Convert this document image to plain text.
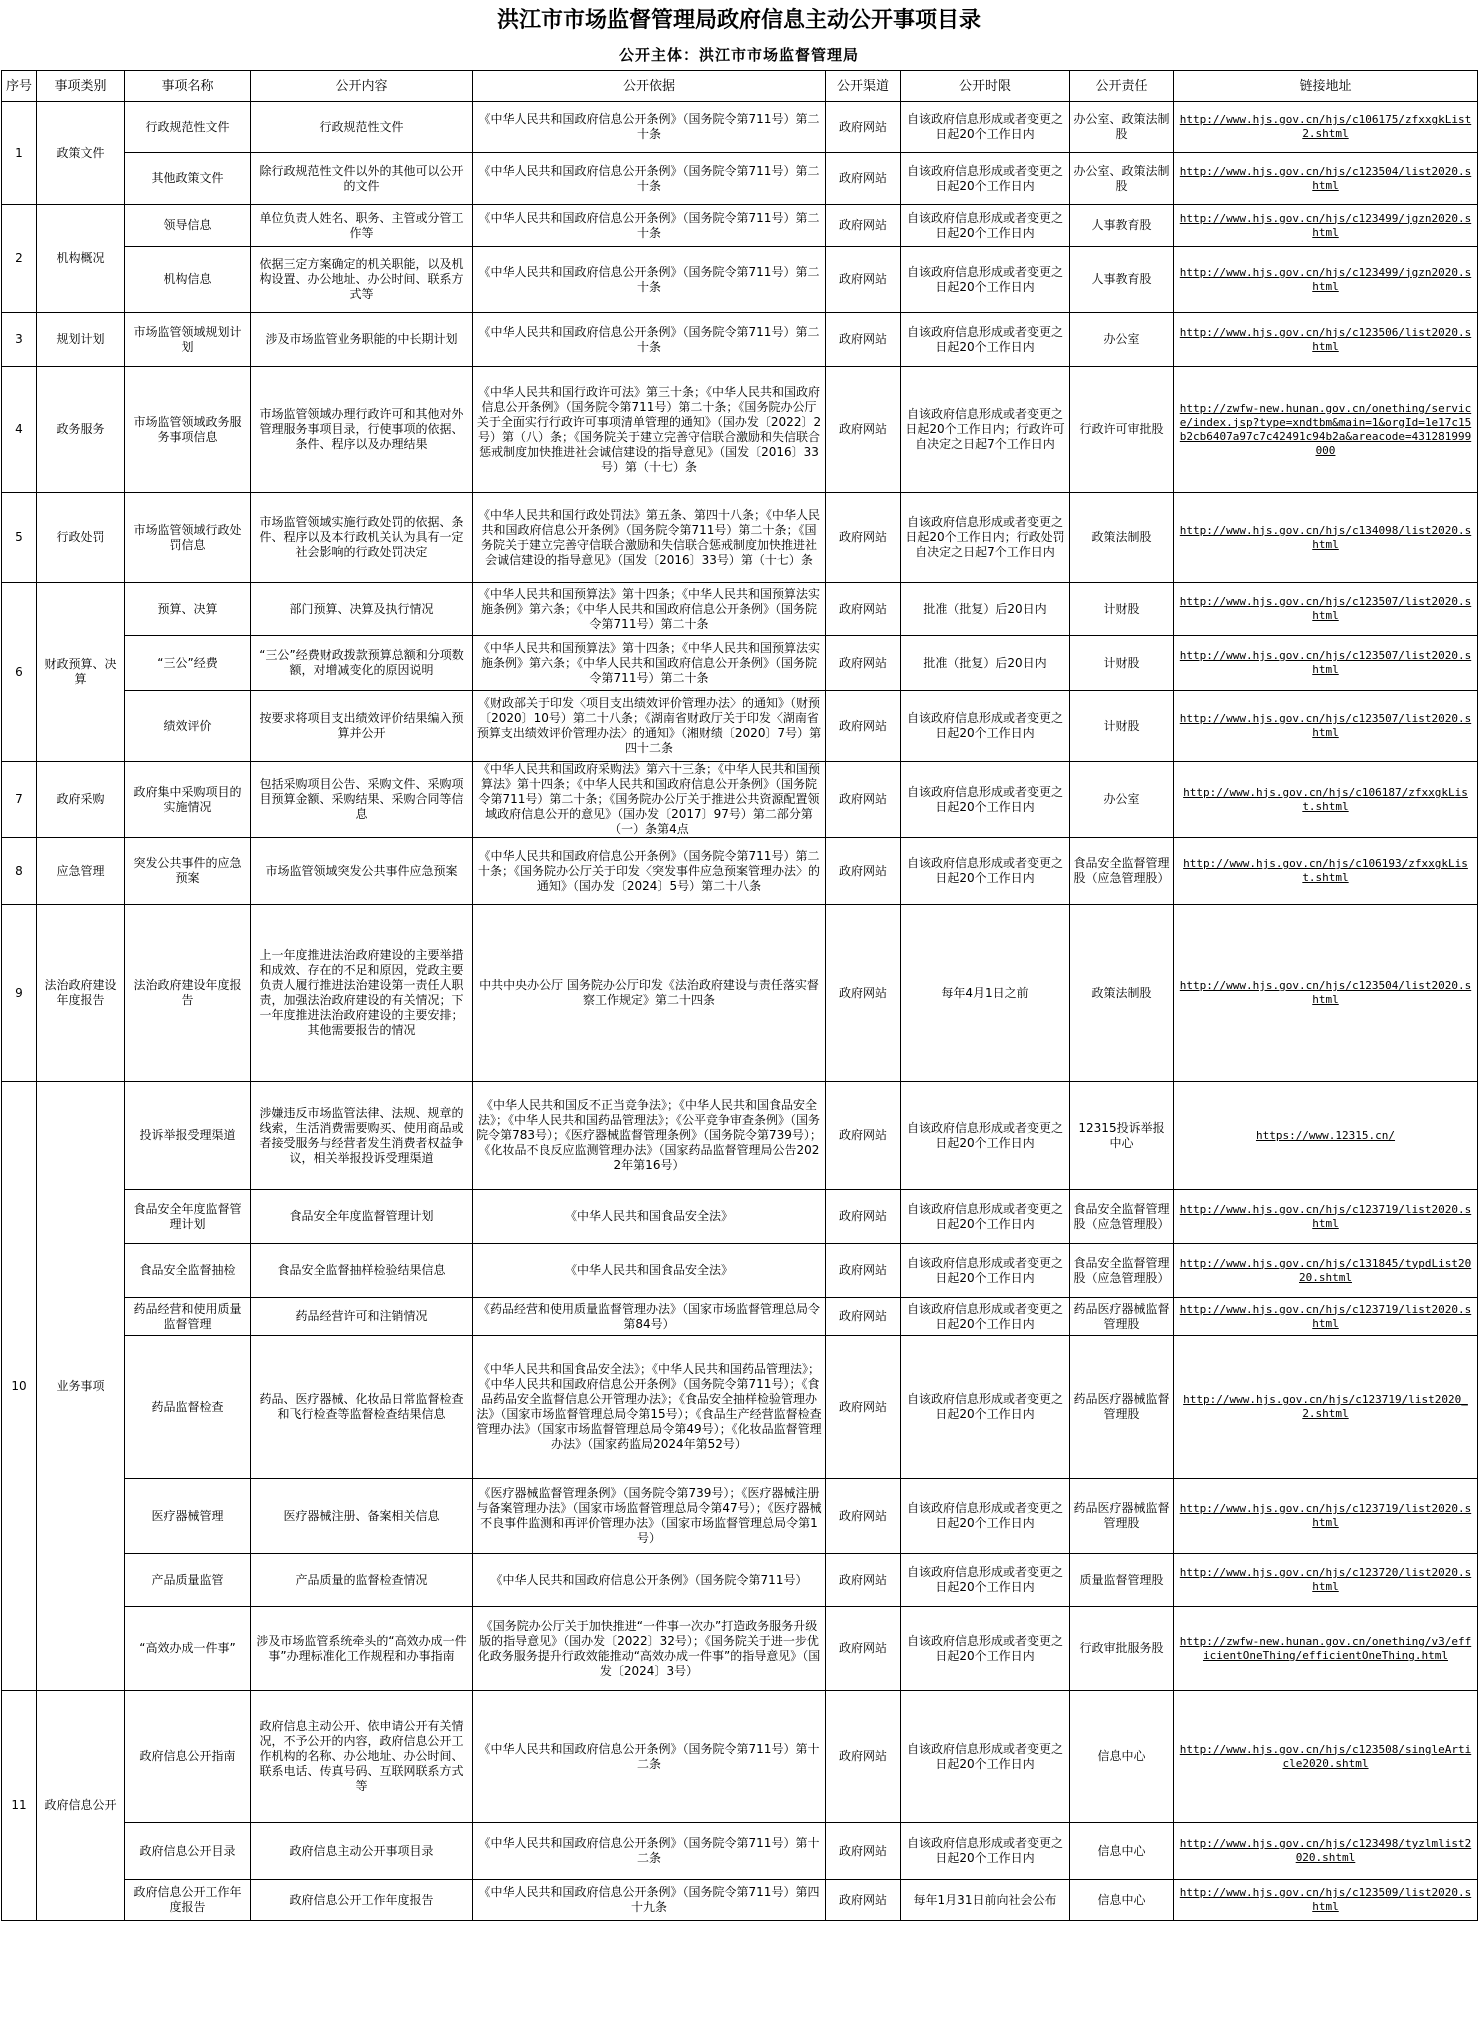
洪江市市场监督管理局政府信息主动公开事项目录
公开主体：洪江市市场监督管理局
序号	事项类别	事项名称	公开内容	公开依据	公开渠道	公开时限	公开责任	链接地址
1	政策文件	行政规范性文件	行政规范性文件	《中华人民共和国政府信息公开条例》（国务院令第711号）第二十条	政府网站	自该政府信息形成或者变更之日起20个工作日内	办公室、政策法制股	http://www.hjs.gov.cn/hjs/c106175/zfxxgkList2.shtml
		其他政策文件	除行政规范性文件以外的其他可以公开的文件	《中华人民共和国政府信息公开条例》（国务院令第711号）第二十条	政府网站	自该政府信息形成或者变更之日起20个工作日内	办公室、政策法制股	http://www.hjs.gov.cn/hjs/c123504/list2020.shtml
2	机构概况	领导信息	单位负责人姓名、职务、主管或分管工作等	《中华人民共和国政府信息公开条例》（国务院令第711号）第二十条	政府网站	自该政府信息形成或者变更之日起20个工作日内	人事教育股	http://www.hjs.gov.cn/hjs/c123499/jgzn2020.shtml
		机构信息	依据三定方案确定的机关职能，以及机构设置、办公地址、办公时间、联系方式等	《中华人民共和国政府信息公开条例》（国务院令第711号）第二十条	政府网站	自该政府信息形成或者变更之日起20个工作日内	人事教育股	http://www.hjs.gov.cn/hjs/c123499/jgzn2020.shtml
3	规划计划	市场监管领域规划计划	涉及市场监管业务职能的中长期计划	《中华人民共和国政府信息公开条例》（国务院令第711号）第二十条	政府网站	自该政府信息形成或者变更之日起20个工作日内	办公室	http://www.hjs.gov.cn/hjs/c123506/list2020.shtml
4	政务服务	市场监管领域政务服务事项信息	市场监管领域办理行政许可和其他对外管理服务事项目录，行使事项的依据、条件、程序以及办理结果	《中华人民共和国行政许可法》第三十条；《中华人民共和国政府信息公开条例》（国务院令第711号）第二十条；《国务院办公厅关于全面实行行政许可事项清单管理的通知》（国办发〔2022〕2号）第（八）条；《国务院关于建立完善守信联合激励和失信联合惩戒制度加快推进社会诚信建设的指导意见》（国发〔2016〕33号）第（十七）条	政府网站	自该政府信息形成或者变更之日起20个工作日内；行政许可自决定之日起7个工作日内	行政许可审批股	http://zwfw-new.hunan.gov.cn/onething/service/index.jsp?type=xndtbm&main=1&orgId=1e17c15b2cb6407a97c7c42491c94b2a&areacode=431281999000
5	行政处罚	市场监管领域行政处罚信息	市场监管领域实施行政处罚的依据、条件、程序以及本行政机关认为具有一定社会影响的行政处罚决定	《中华人民共和国行政处罚法》第五条、第四十八条；《中华人民共和国政府信息公开条例》（国务院令第711号）第二十条；《国务院关于建立完善守信联合激励和失信联合惩戒制度加快推进社会诚信建设的指导意见》（国发〔2016〕33号）第（十七）条	政府网站	自该政府信息形成或者变更之日起20个工作日内；行政处罚自决定之日起7个工作日内	政策法制股	http://www.hjs.gov.cn/hjs/c134098/list2020.shtml
6	财政预算、决算	预算、决算	部门预算、决算及执行情况	《中华人民共和国预算法》第十四条；《中华人民共和国预算法实施条例》第六条；《中华人民共和国政府信息公开条例》（国务院令第711号）第二十条	政府网站	批准（批复）后20日内	计财股	http://www.hjs.gov.cn/hjs/c123507/list2020.shtml
		“三公”经费	“三公”经费财政拨款预算总额和分项数额，对增减变化的原因说明	《中华人民共和国预算法》第十四条；《中华人民共和国预算法实施条例》第六条；《中华人民共和国政府信息公开条例》（国务院令第711号）第二十条	政府网站	批准（批复）后20日内	计财股	http://www.hjs.gov.cn/hjs/c123507/list2020.shtml
		绩效评价	按要求将项目支出绩效评价结果编入预算并公开	《财政部关于印发〈项目支出绩效评价管理办法〉的通知》（财预〔2020〕10号）第二十八条；《湖南省财政厅关于印发〈湖南省预算支出绩效评价管理办法〉的通知》（湘财绩〔2020〕7号）第四十二条	政府网站	自该政府信息形成或者变更之日起20个工作日内	计财股	http://www.hjs.gov.cn/hjs/c123507/list2020.shtml
7	政府采购	政府集中采购项目的实施情况	包括采购项目公告、采购文件、采购项目预算金额、采购结果、采购合同等信息	《中华人民共和国政府采购法》第六十三条；《中华人民共和国预算法》第十四条；《中华人民共和国政府信息公开条例》（国务院令第711号）第二十条；《国务院办公厅关于推进公共资源配置领域政府信息公开的意见》（国办发〔2017〕97号）第二部分第（一）条第4点	政府网站	自该政府信息形成或者变更之日起20个工作日内	办公室	http://www.hjs.gov.cn/hjs/c106187/zfxxgkList.shtml
8	应急管理	突发公共事件的应急预案	市场监管领域突发公共事件应急预案	《中华人民共和国政府信息公开条例》（国务院令第711号）第二十条；《国务院办公厅关于印发〈突发事件应急预案管理办法〉的通知》（国办发〔2024〕5号）第二十八条	政府网站	自该政府信息形成或者变更之日起20个工作日内	食品安全监督管理股（应急管理股）	http://www.hjs.gov.cn/hjs/c106193/zfxxgkList.shtml
9	法治政府建设年度报告	法治政府建设年度报告	上一年度推进法治政府建设的主要举措和成效、存在的不足和原因，党政主要负责人履行推进法治建设第一责任人职责，加强法治政府建设的有关情况；下一年度推进法治政府建设的主要安排；其他需要报告的情况	中共中央办公厅 国务院办公厅印发《法治政府建设与责任落实督察工作规定》第二十四条	政府网站	每年4月1日之前	政策法制股	http://www.hjs.gov.cn/hjs/c123504/list2020.shtml
10	业务事项	投诉举报受理渠道	涉嫌违反市场监管法律、法规、规章的线索，生活消费需要购买、使用商品或者接受服务与经营者发生消费者权益争议，相关举报投诉受理渠道	《中华人民共和国反不正当竞争法》；《中华人民共和国食品安全法》；《中华人民共和国药品管理法》；《公平竞争审查条例》（国务院令第783号）；《医疗器械监督管理条例》（国务院令第739号）；《化妆品不良反应监测管理办法》（国家药品监督管理局公告2022年第16号）	政府网站	自该政府信息形成或者变更之日起20个工作日内	12315投诉举报中心	https://www.12315.cn/
		食品安全年度监督管理计划	食品安全年度监督管理计划	《中华人民共和国食品安全法》	政府网站	自该政府信息形成或者变更之日起20个工作日内	食品安全监督管理股（应急管理股）	http://www.hjs.gov.cn/hjs/c123719/list2020.shtml
		食品安全监督抽检	食品安全监督抽样检验结果信息	《中华人民共和国食品安全法》	政府网站	自该政府信息形成或者变更之日起20个工作日内	食品安全监督管理股（应急管理股）	http://www.hjs.gov.cn/hjs/c131845/typdList2020.shtml
		药品经营和使用质量监督管理	药品经营许可和注销情况	《药品经营和使用质量监督管理办法》（国家市场监督管理总局令第84号）	政府网站	自该政府信息形成或者变更之日起20个工作日内	药品医疗器械监督管理股	http://www.hjs.gov.cn/hjs/c123719/list2020.shtml
		药品监督检查	药品、医疗器械、化妆品日常监督检查和飞行检查等监督检查结果信息	《中华人民共和国食品安全法》；《中华人民共和国药品管理法》；《中华人民共和国政府信息公开条例》（国务院令第711号）；《食品药品安全监督信息公开管理办法》；《食品安全抽样检验管理办法》（国家市场监督管理总局令第15号）；《食品生产经营监督检查管理办法》（国家市场监督管理总局令第49号）；《化妆品监督管理办法》（国家药监局2024年第52号）	政府网站	自该政府信息形成或者变更之日起20个工作日内	药品医疗器械监督管理股	http://www.hjs.gov.cn/hjs/c123719/list2020_2.shtml
		医疗器械管理	医疗器械注册、备案相关信息	《医疗器械监督管理条例》（国务院令第739号）；《医疗器械注册与备案管理办法》（国家市场监督管理总局令第47号）；《医疗器械不良事件监测和再评价管理办法》（国家市场监督管理总局令第1号）	政府网站	自该政府信息形成或者变更之日起20个工作日内	药品医疗器械监督管理股	http://www.hjs.gov.cn/hjs/c123719/list2020.shtml
		产品质量监管	产品质量的监督检查情况	《中华人民共和国政府信息公开条例》（国务院令第711号）	政府网站	自该政府信息形成或者变更之日起20个工作日内	质量监督管理股	http://www.hjs.gov.cn/hjs/c123720/list2020.shtml
		“高效办成一件事”	涉及市场监管系统牵头的“高效办成一件事”办理标准化工作规程和办事指南	《国务院办公厅关于加快推进“一件事一次办”打造政务服务升级版的指导意见》（国办发〔2022〕32号）；《国务院关于进一步优化政务服务提升行政效能推动“高效办成一件事”的指导意见》（国发〔2024〕3号）	政府网站	自该政府信息形成或者变更之日起20个工作日内	行政审批服务股	http://zwfw-new.hunan.gov.cn/onething/v3/efficientOneThing/efficientOneThing.html
11	政府信息公开	政府信息公开指南	政府信息主动公开、依申请公开有关情况，不予公开的内容，政府信息公开工作机构的名称、办公地址、办公时间、联系电话、传真号码、互联网联系方式等	《中华人民共和国政府信息公开条例》（国务院令第711号）第十二条	政府网站	自该政府信息形成或者变更之日起20个工作日内	信息中心	http://www.hjs.gov.cn/hjs/c123508/singleArticle2020.shtml
		政府信息公开目录	政府信息主动公开事项目录	《中华人民共和国政府信息公开条例》（国务院令第711号）第十二条	政府网站	自该政府信息形成或者变更之日起20个工作日内	信息中心	http://www.hjs.gov.cn/hjs/c123498/tyzlmlist2020.shtml
		政府信息公开工作年度报告	政府信息公开工作年度报告	《中华人民共和国政府信息公开条例》（国务院令第711号）第四十九条	政府网站	每年1月31日前向社会公布	信息中心	http://www.hjs.gov.cn/hjs/c123509/list2020.shtml
